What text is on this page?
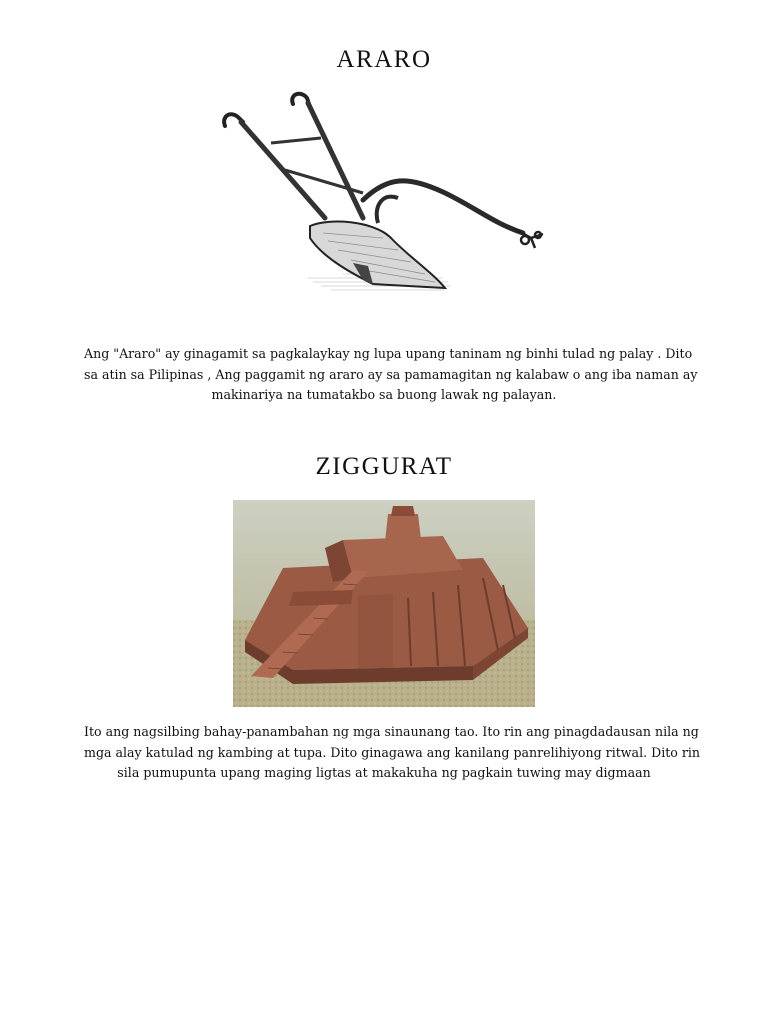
ARARO

Ang "Araro" ay ginagamit sa pagkalaykay ng lupa upang taninam ng binhi tulad ng palay . Dito
sa atin sa Pilipinas , Ang paggamit ng araro ay sa pamamagitan ng kalabaw o ang iba naman ay
makinariya na tumatakbo sa buong lawak ng palayan.

ZIGGURAT

Ito ang nagsilbing bahay-panambahan ng mga sinaunang tao. Ito rin ang pinagdadausan nila ng
mga alay katulad ng kambing at tupa. Dito ginagawa ang kanilang panrelihiyong ritwal. Dito rin
sila pumupunta upang maging ligtas at makakuha ng pagkain tuwing may digmaan
